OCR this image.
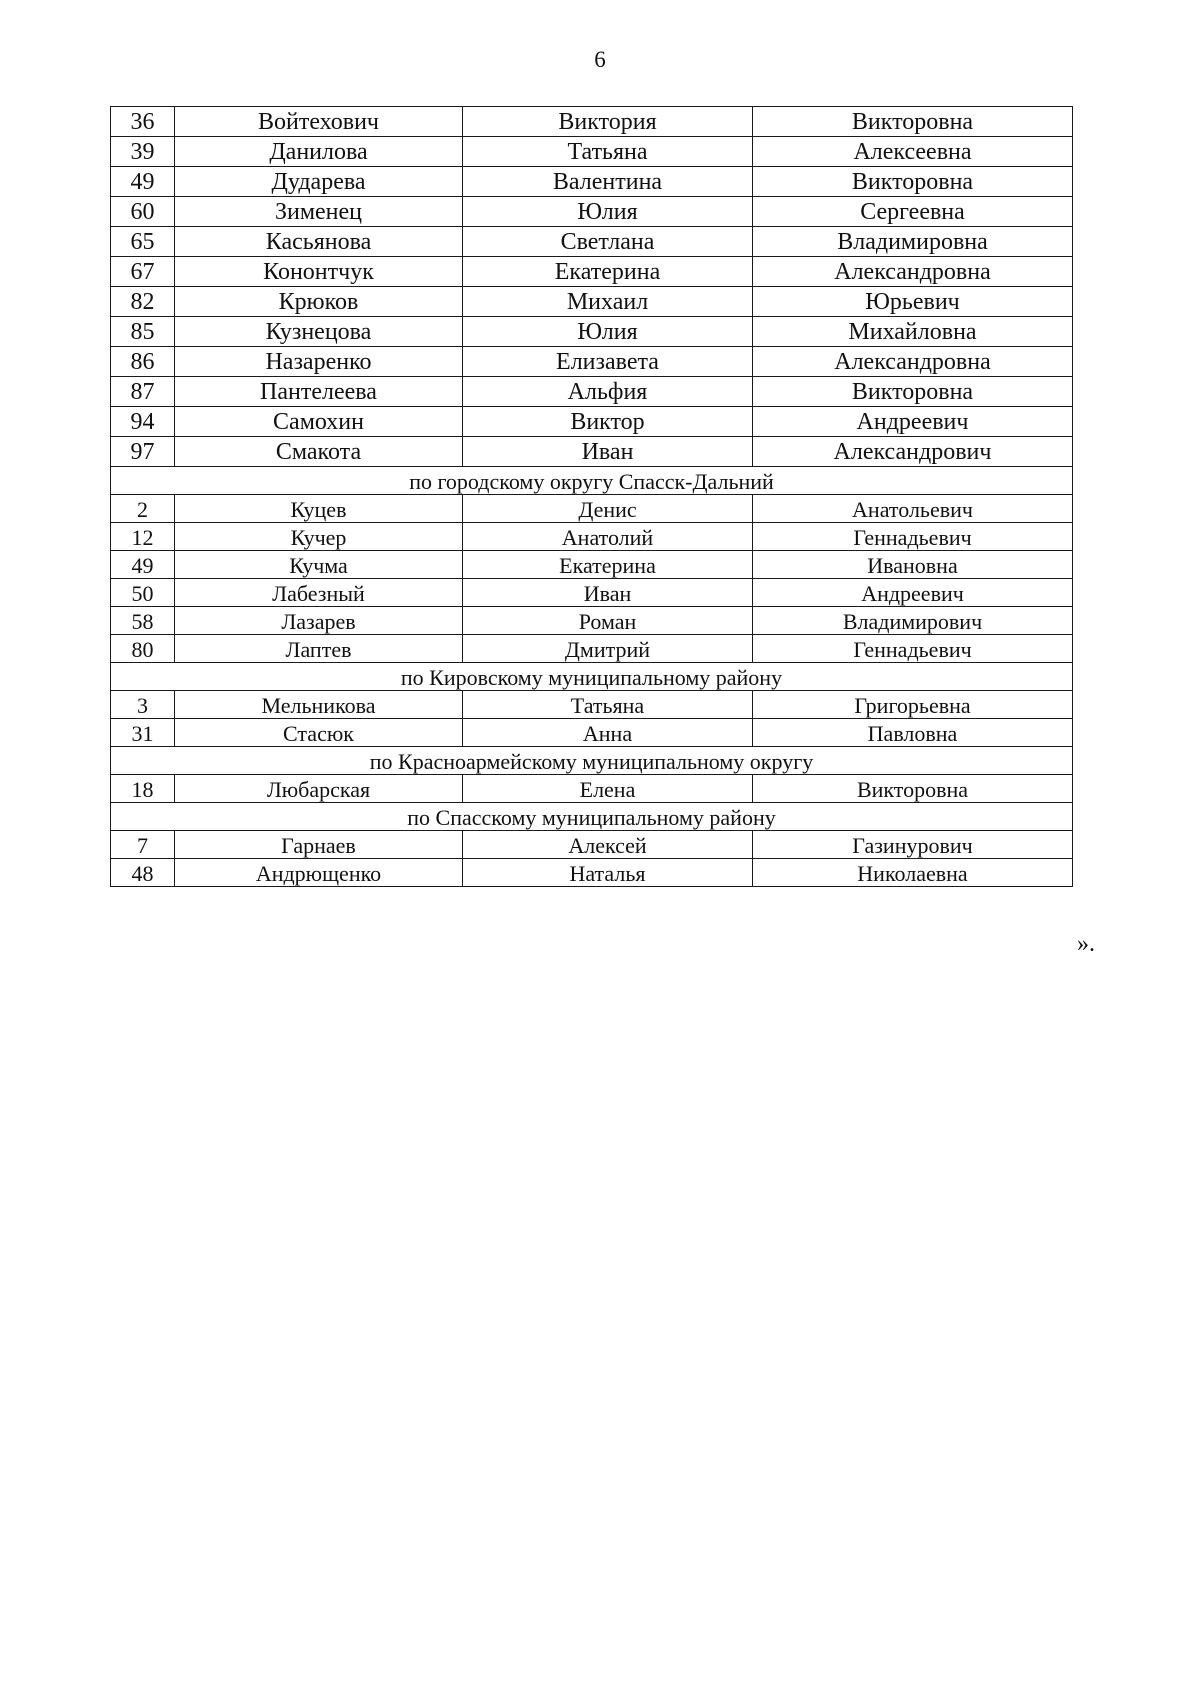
6
36	Войтехович	Виктория	Викторовна
39	Данилова	Татьяна	Алексеевна
49	Дударева	Валентина	Викторовна
60	Зименец	Юлия	Сергеевна
65	Касьянова	Светлана	Владимировна
67	Кононтчук	Екатерина	Александровна
82	Крюков	Михаил	Юрьевич
85	Кузнецова	Юлия	Михайловна
86	Назаренко	Елизавета	Александровна
87	Пантелеева	Альфия	Викторовна
94	Самохин	Виктор	Андреевич
97	Смакота	Иван	Александрович
по городскому округу Спасск-Дальний			
2	Куцев	Денис	Анатольевич
12	Кучер	Анатолий	Геннадьевич
49	Кучма	Екатерина	Ивановна
50	Лабезный	Иван	Андреевич
58	Лазарев	Роман	Владимирович
80	Лаптев	Дмитрий	Геннадьевич
по Кировскому муниципальному району			
3	Мельникова	Татьяна	Григорьевна
31	Стасюк	Анна	Павловна
по Красноармейскому муниципальному округу			
18	Любарская	Елена	Викторовна
по Спасскому муниципальному району			
7	Гарнаев	Алексей	Газинурович
48	Андрющенко	Наталья	Николаевна
».
